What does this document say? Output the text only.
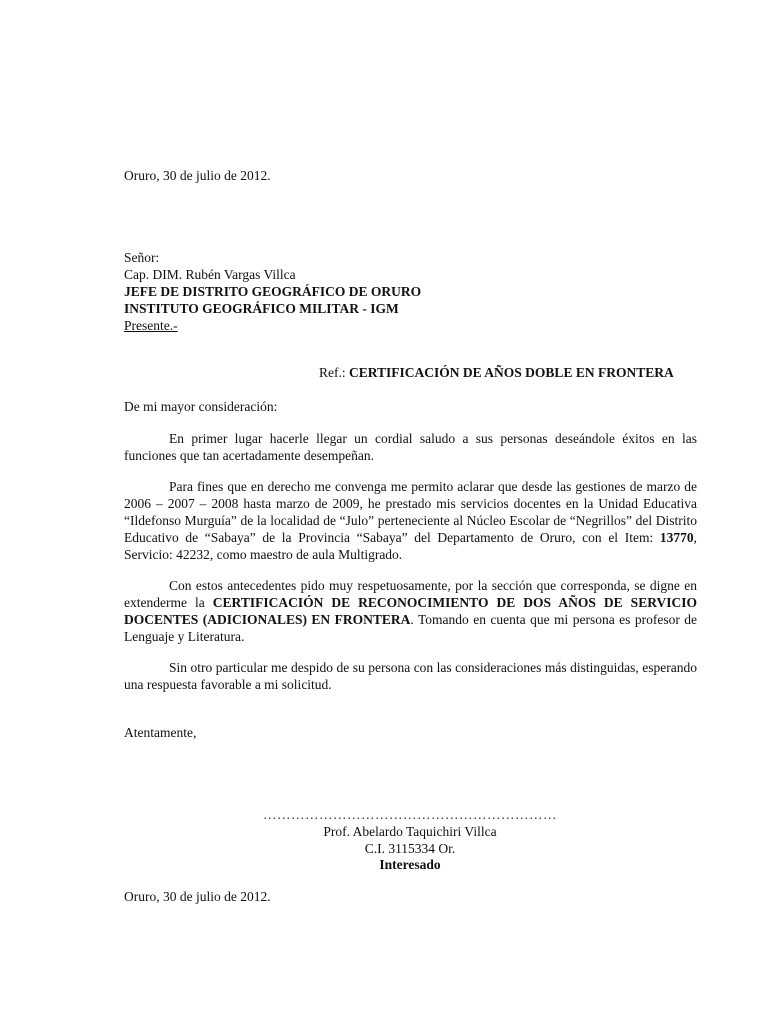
Oruro, 30 de julio de 2012.
Señor:
Cap. DIM. Rubén Vargas Villca
JEFE DE DISTRITO GEOGRÁFICO DE ORURO
INSTITUTO GEOGRÁFICO MILITAR - IGM
Presente.-
Ref.: CERTIFICACIÓN DE AÑOS DOBLE EN FRONTERA
De mi mayor consideración:
En primer lugar hacerle llegar un cordial saludo a sus personas deseándole éxitos en las funciones que tan acertadamente desempeñan.
Para fines que en derecho me convenga me permito aclarar que desde las gestiones de marzo de 2006 – 2007 – 2008 hasta marzo de 2009, he prestado mis servicios docentes en la Unidad Educativa “Ildefonso Murguía” de la localidad de “Julo” perteneciente al Núcleo Escolar de “Negrillos” del Distrito Educativo de “Sabaya” de la Provincia “Sabaya” del Departamento de Oruro, con el Item: 13770, Servicio: 42232, como maestro de aula Multigrado.
Con estos antecedentes pido muy respetuosamente, por la sección que corresponda, se digne en extenderme la CERTIFICACIÓN DE RECONOCIMIENTO DE DOS AÑOS DE SERVICIO DOCENTES (ADICIONALES) EN FRONTERA. Tomando en cuenta que mi persona es profesor de Lenguaje y Literatura.
Sin otro particular me despido de su persona con las consideraciones más distinguidas, esperando una respuesta favorable a mi solicitud.
Atentamente,
………………………………………………………
Prof. Abelardo Taquichiri Villca
C.I. 3115334 Or.
Interesado
Oruro, 30 de julio de 2012.
